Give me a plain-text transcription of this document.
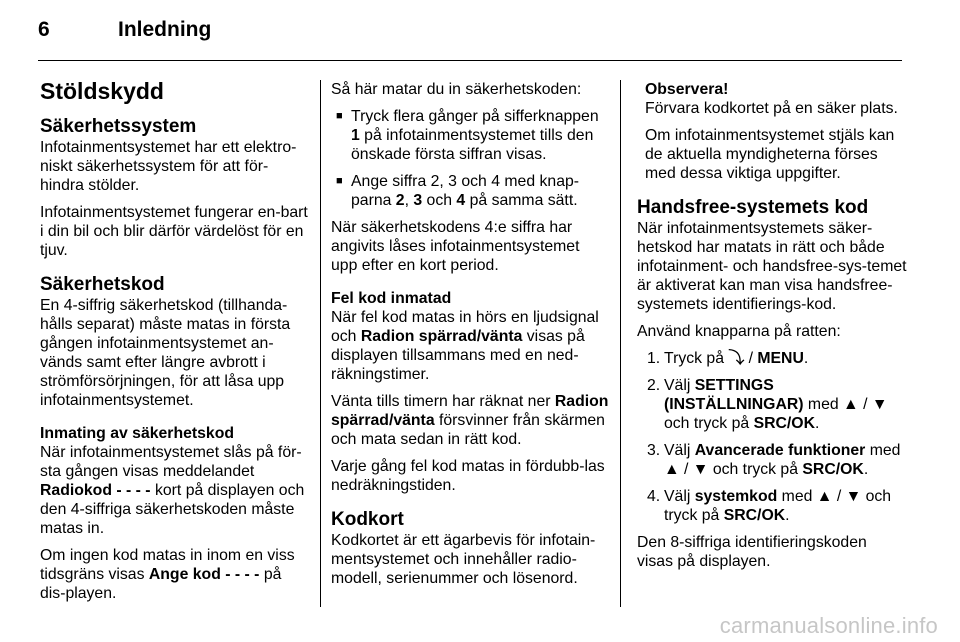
6	Inledning
Stöldskydd
Säkerhetssystem

Infotainmentsystemet har ett elektro-niskt säkerhetssystem för att för-hindra stölder.

Infotainmentsystemet fungerar en-bart i din bil och blir därför värdelöst för en tjuv.

Säkerhetskod

En 4-siffrig säkerhetskod (tillhanda-hålls separat) måste matas in första gången infotainmentsystemet an-vänds samt efter längre avbrott i strömförsörjningen, för att låsa upp infotainmentsystemet.

Inmating av säkerhetskod

När infotainmentsystemet slås på för-sta gången visas meddelandet Radiokod - - - - kort på displayen och den 4-siffriga säkerhetskoden måste matas in.

Om ingen kod matas in inom en viss tidsgräns visas Ange kod - - - - på dis-playen.

Så här matar du in säkerhetskoden:

■ Tryck flera gånger på sifferknappen 1 på infotainmentsystemet tills den önskade första siffran visas.
■ Ange siffra 2, 3 och 4 med knap-parna 2, 3 och 4 på samma sätt.

När säkerhetskodens 4:e siffra har angivits låses infotainmentsystemet upp efter en kort period.

Fel kod inmatad

När fel kod matas in hörs en ljudsignal och Radion spärrad/vänta visas på displayen tillsammans med en ned-räkningstimer.

Vänta tills timern har räknat ner Radion spärrad/vänta försvinner från skärmen och mata sedan in rätt kod.

Varje gång fel kod matas in fördubb-las nedräkningstiden.

Kodkort

Kodkortet är ett ägarbevis för infotain-mentsystemet och innehåller radio-modell, serienummer och lösenord.

Observera!

Förvara kodkortet på en säker plats.

Om infotainmentsystemet stjäls kan de aktuella myndigheterna förses med dessa viktiga uppgifter.

Handsfree-systemets kod

När infotainmentsystemets säker-hetskod har matats in rätt och både infotainment- och handsfree-sys-temet är aktiverat kan man visa handsfree-systemets identifierings-kod.

Använd knapparna på ratten:

1. Tryck på ⤵ / MENU.
2. Välj SETTINGS (INSTÄLLNINGAR) med ▲ / ▼ och tryck på SRC/OK.
3. Välj Avancerade funktioner med ▲ / ▼ och tryck på SRC/OK.
4. Välj systemkod med ▲ / ▼ och tryck på SRC/OK.

Den 8-siffriga identifieringskoden visas på displayen.

carmanualsonline.info
